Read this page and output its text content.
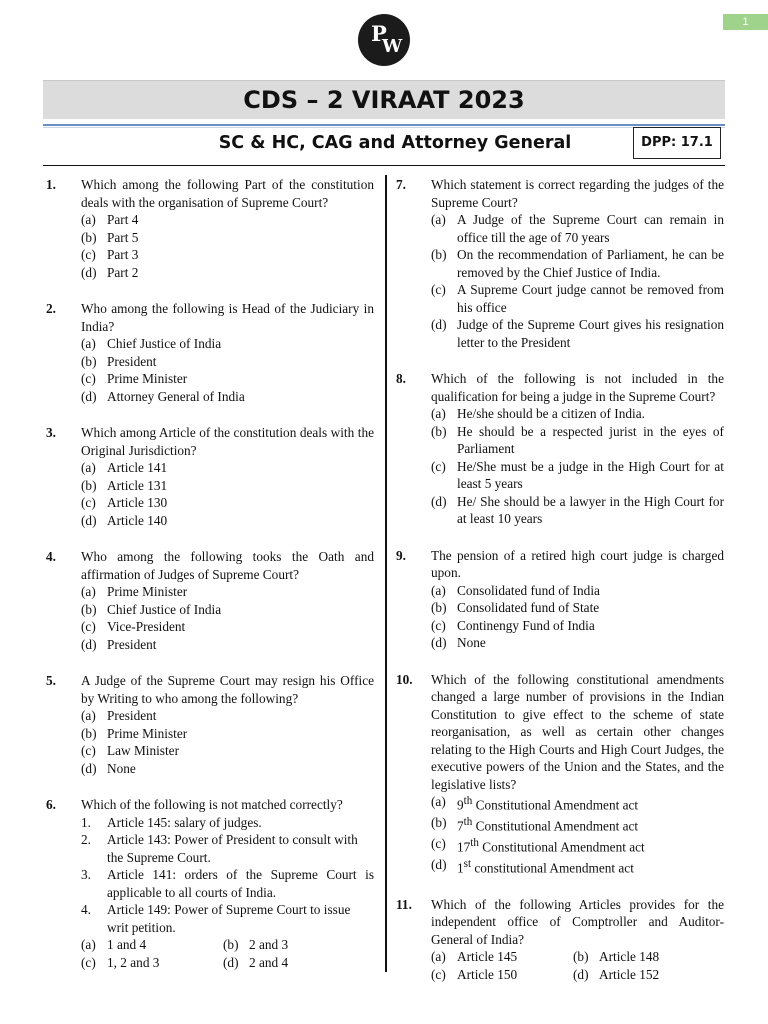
1
P
W
CDS – 2 VIRAAT 2023
SC & HC, CAG and Attorney General	DPP: 17.1
1. Which among the following Part of the constitution deals with the organisation of Supreme Court?
(a) Part 4
(b) Part 5
(c) Part 3
(d) Part 2
2. Who among the following is Head of the Judiciary in India?
(a) Chief Justice of India
(b) President
(c) Prime Minister
(d) Attorney General of India
3. Which among Article of the constitution deals with the Original Jurisdiction?
(a) Article 141
(b) Article 131
(c) Article 130
(d) Article 140
4. Who among the following tooks the Oath and affirmation of Judges of Supreme Court?
(a) Prime Minister
(b) Chief Justice of India
(c) Vice-President
(d) President
5. A Judge of the Supreme Court may resign his Office by Writing to who among the following?
(a) President
(b) Prime Minister
(c) Law Minister
(d) None
6. Which of the following is not matched correctly?
1. Article 145: salary of judges.
2. Article 143: Power of President to consult with the Supreme Court.
3. Article 141: orders of the Supreme Court is applicable to all courts of India.
4. Article 149: Power of Supreme Court to issue writ petition.
(a) 1 and 4	(b) 2 and 3
(c) 1, 2 and 3	(d) 2 and 4
7. Which statement is correct regarding the judges of the Supreme Court?
(a) A Judge of the Supreme Court can remain in office till the age of 70 years
(b) On the recommendation of Parliament, he can be removed by the Chief Justice of India.
(c) A Supreme Court judge cannot be removed from his office
(d) Judge of the Supreme Court gives his resignation letter to the President
8. Which of the following is not included in the qualification for being a judge in the Supreme Court?
(a) He/she should be a citizen of India.
(b) He should be a respected jurist in the eyes of Parliament
(c) He/She must be a judge in the High Court for at least 5 years
(d) He/ She should be a lawyer in the High Court for at least 10 years
9. The pension of a retired high court judge is charged upon.
(a) Consolidated fund of India
(b) Consolidated fund of State
(c) Continengy Fund of India
(d) None
10. Which of the following constitutional amendments changed a large number of provisions in the Indian Constitution to give effect to the scheme of state reorganisation, as well as certain other changes relating to the High Courts and High Court Judges, the executive powers of the Union and the States, and the legislative lists?
(a) 9th Constitutional Amendment act
(b) 7th Constitutional Amendment act
(c) 17th Constitutional Amendment act
(d) 1st constitutional Amendment act
11. Which of the following Articles provides for the independent office of Comptroller and Auditor-General of India?
(a) Article 145	(b) Article 148
(c) Article 150	(d) Article 152
